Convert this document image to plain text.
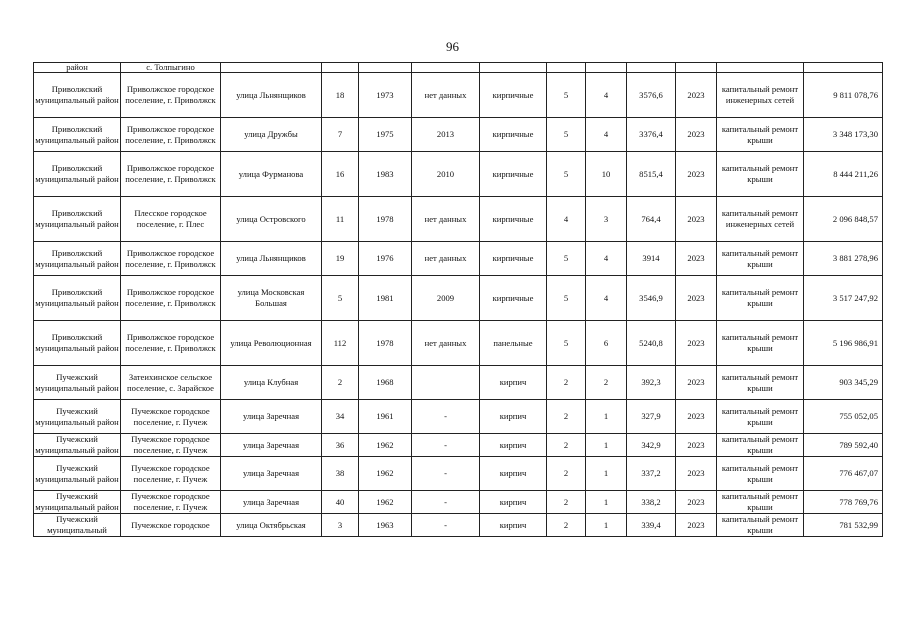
96
район	с. Толпыгино											
Приволжский муниципальный район	Приволжское городское поселение, г. Приволжск	улица Льнянщиков	18	1973	нет данных	кирпичные	5	4	3576,6	2023	капитальный ремонт инженерных сетей	9 811 078,76
Приволжский муниципальный район	Приволжское городское поселение, г. Приволжск	улица Дружбы	7	1975	2013	кирпичные	5	4	3376,4	2023	капитальный ремонт крыши	3 348 173,30
Приволжский муниципальный район	Приволжское городское поселение, г. Приволжск	улица Фурманова	16	1983	2010	кирпичные	5	10	8515,4	2023	капитальный ремонт крыши	8 444 211,26
Приволжский муниципальный район	Плесское городское поселение, г. Плес	улица Островского	11	1978	нет данных	кирпичные	4	3	764,4	2023	капитальный ремонт инженерных сетей	2 096 848,57
Приволжский муниципальный район	Приволжское городское поселение, г. Приволжск	улица Льнянщиков	19	1976	нет данных	кирпичные	5	4	3914	2023	капитальный ремонт крыши	3 881 278,96
Приволжский муниципальный район	Приволжское городское поселение, г. Приволжск	улица Московская Большая	5	1981	2009	кирпичные	5	4	3546,9	2023	капитальный ремонт крыши	3 517 247,92
Приволжский муниципальный район	Приволжское городское поселение, г. Приволжск	улица Революционная	112	1978	нет данных	панельные	5	6	5240,8	2023	капитальный ремонт крыши	5 196 986,91
Пучежский муниципальный район	Затеихинское сельское поселение, с. Зарайское	улица Клубная	2	1968		кирпич	2	2	392,3	2023	капитальный ремонт крыши	903 345,29
Пучежский муниципальный район	Пучежское городское поселение, г. Пучеж	улица Заречная	34	1961	-	кирпич	2	1	327,9	2023	капитальный ремонт крыши	755 052,05
Пучежский муниципальный район	Пучежское городское поселение, г. Пучеж	улица Заречная	36	1962	-	кирпич	2	1	342,9	2023	капитальный ремонт крыши	789 592,40
Пучежский муниципальный район	Пучежское городское поселение, г. Пучеж	улица Заречная	38	1962	-	кирпич	2	1	337,2	2023	капитальный ремонт крыши	776 467,07
Пучежский муниципальный район	Пучежское городское поселение, г. Пучеж	улица Заречная	40	1962	-	кирпич	2	1	338,2	2023	капитальный ремонт крыши	778 769,76
Пучежский муниципальный	Пучежское городское	улица Октябрьская	3	1963	-	кирпич	2	1	339,4	2023	капитальный ремонт крыши	781 532,99
